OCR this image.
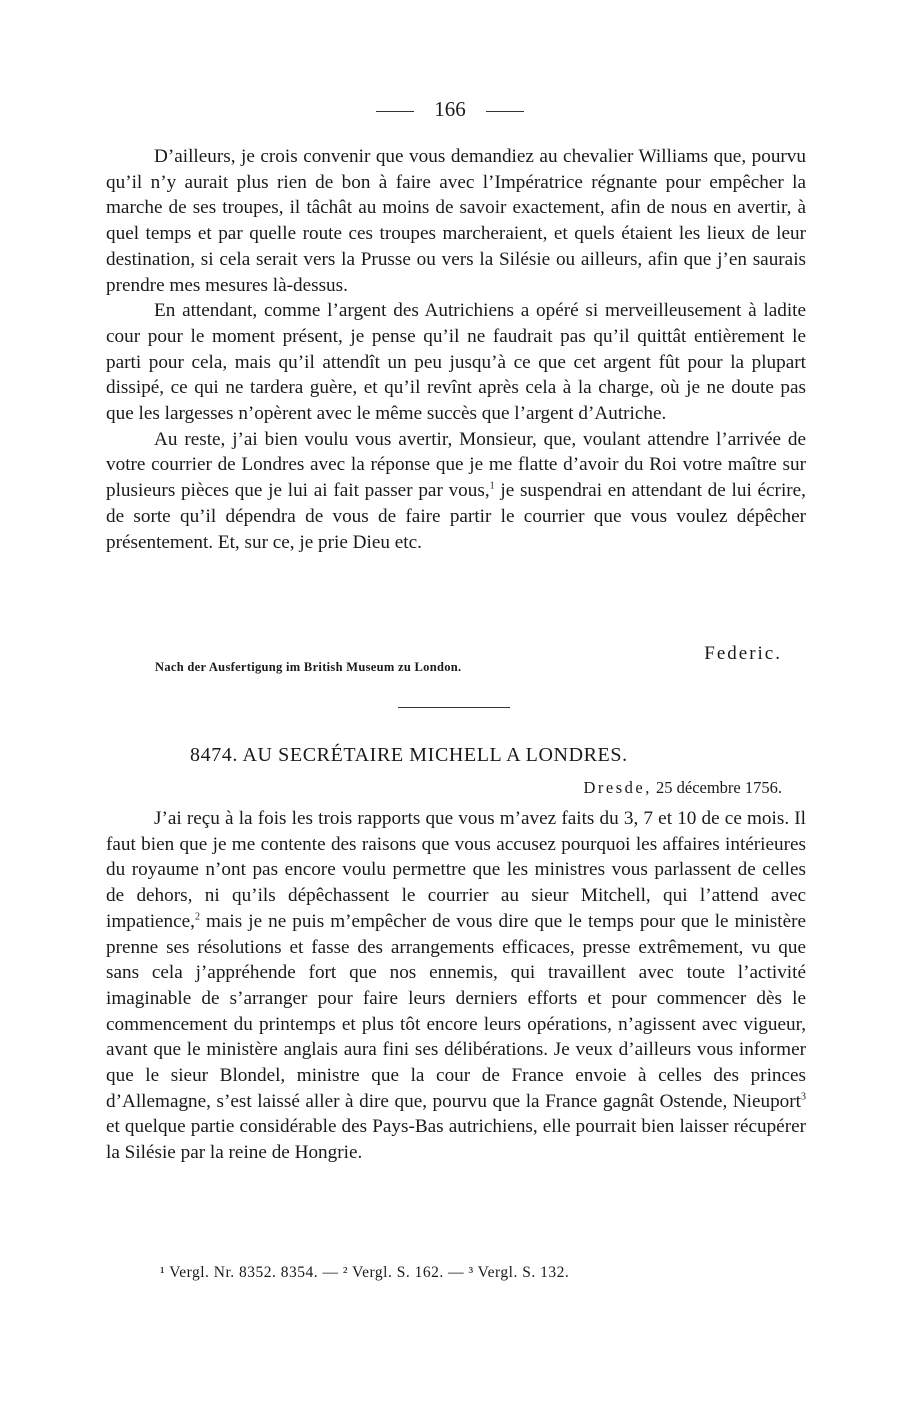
166

D’ailleurs, je crois convenir que vous demandiez au chevalier Williams que, pourvu qu’il n’y aurait plus rien de bon à faire avec l’Impératrice régnante pour empêcher la marche de ses troupes, il tâchât au moins de savoir exactement, afin de nous en avertir, à quel temps et par quelle route ces troupes marcheraient, et quels étaient les lieux de leur destination, si cela serait vers la Prusse ou vers la Silésie ou ailleurs, afin que j’en saurais prendre mes mesures là-dessus.

En attendant, comme l’argent des Autrichiens a opéré si merveilleusement à ladite cour pour le moment présent, je pense qu’il ne faudrait pas qu’il quittât entièrement le parti pour cela, mais qu’il attendît un peu jusqu’à ce que cet argent fût pour la plupart dissipé, ce qui ne tardera guère, et qu’il revînt après cela à la charge, où je ne doute pas que les largesses n’opèrent avec le même succès que l’argent d’Autriche.

Au reste, j’ai bien voulu vous avertir, Monsieur, que, voulant attendre l’arrivée de votre courrier de Londres avec la réponse que je me flatte d’avoir du Roi votre maître sur plusieurs pièces que je lui ai fait passer par vous,$^1$ je suspendrai en attendant de lui écrire, de sorte qu’il dépendra de vous de faire partir le courrier que vous voulez dépêcher présentement. Et, sur ce, je prie Dieu etc.

Federic.
Nach der Ausfertigung im British Museum zu London.
8474. AU SECRÉTAIRE MICHELL A LONDRES.
Dresde, 25 décembre 1756.

J’ai reçu à la fois les trois rapports que vous m’avez faits du 3, 7 et 10 de ce mois. Il faut bien que je me contente des raisons que vous accusez pourquoi les affaires intérieures du royaume n’ont pas encore voulu permettre que les ministres vous parlassent de celles de dehors, ni qu’ils dépêchassent le courrier au sieur Mitchell, qui l’attend avec impatience,$^2$ mais je ne puis m’empêcher de vous dire que le temps pour que le ministère prenne ses résolutions et fasse des arrangements efficaces, presse extrêmement, vu que sans cela j’appréhende fort que nos ennemis, qui travaillent avec toute l’activité imaginable de s’arranger pour faire leurs derniers efforts et pour commencer dès le commencement du printemps et plus tôt encore leurs opérations, n’agissent avec vigueur, avant que le ministère anglais aura fini ses délibérations. Je veux d’ailleurs vous informer que le sieur Blondel, ministre que la cour de France envoie à celles des princes d’Allemagne, s’est laissé aller à dire que, pourvu que la France gagnât Ostende, Nieuport$^3$ et quelque partie considérable des Pays-Bas autrichiens, elle pourrait bien laisser récupérer la Silésie par la reine de Hongrie.

¹ Vergl. Nr. 8352. 8354. — ² Vergl. S. 162. — ³ Vergl. S. 132.
